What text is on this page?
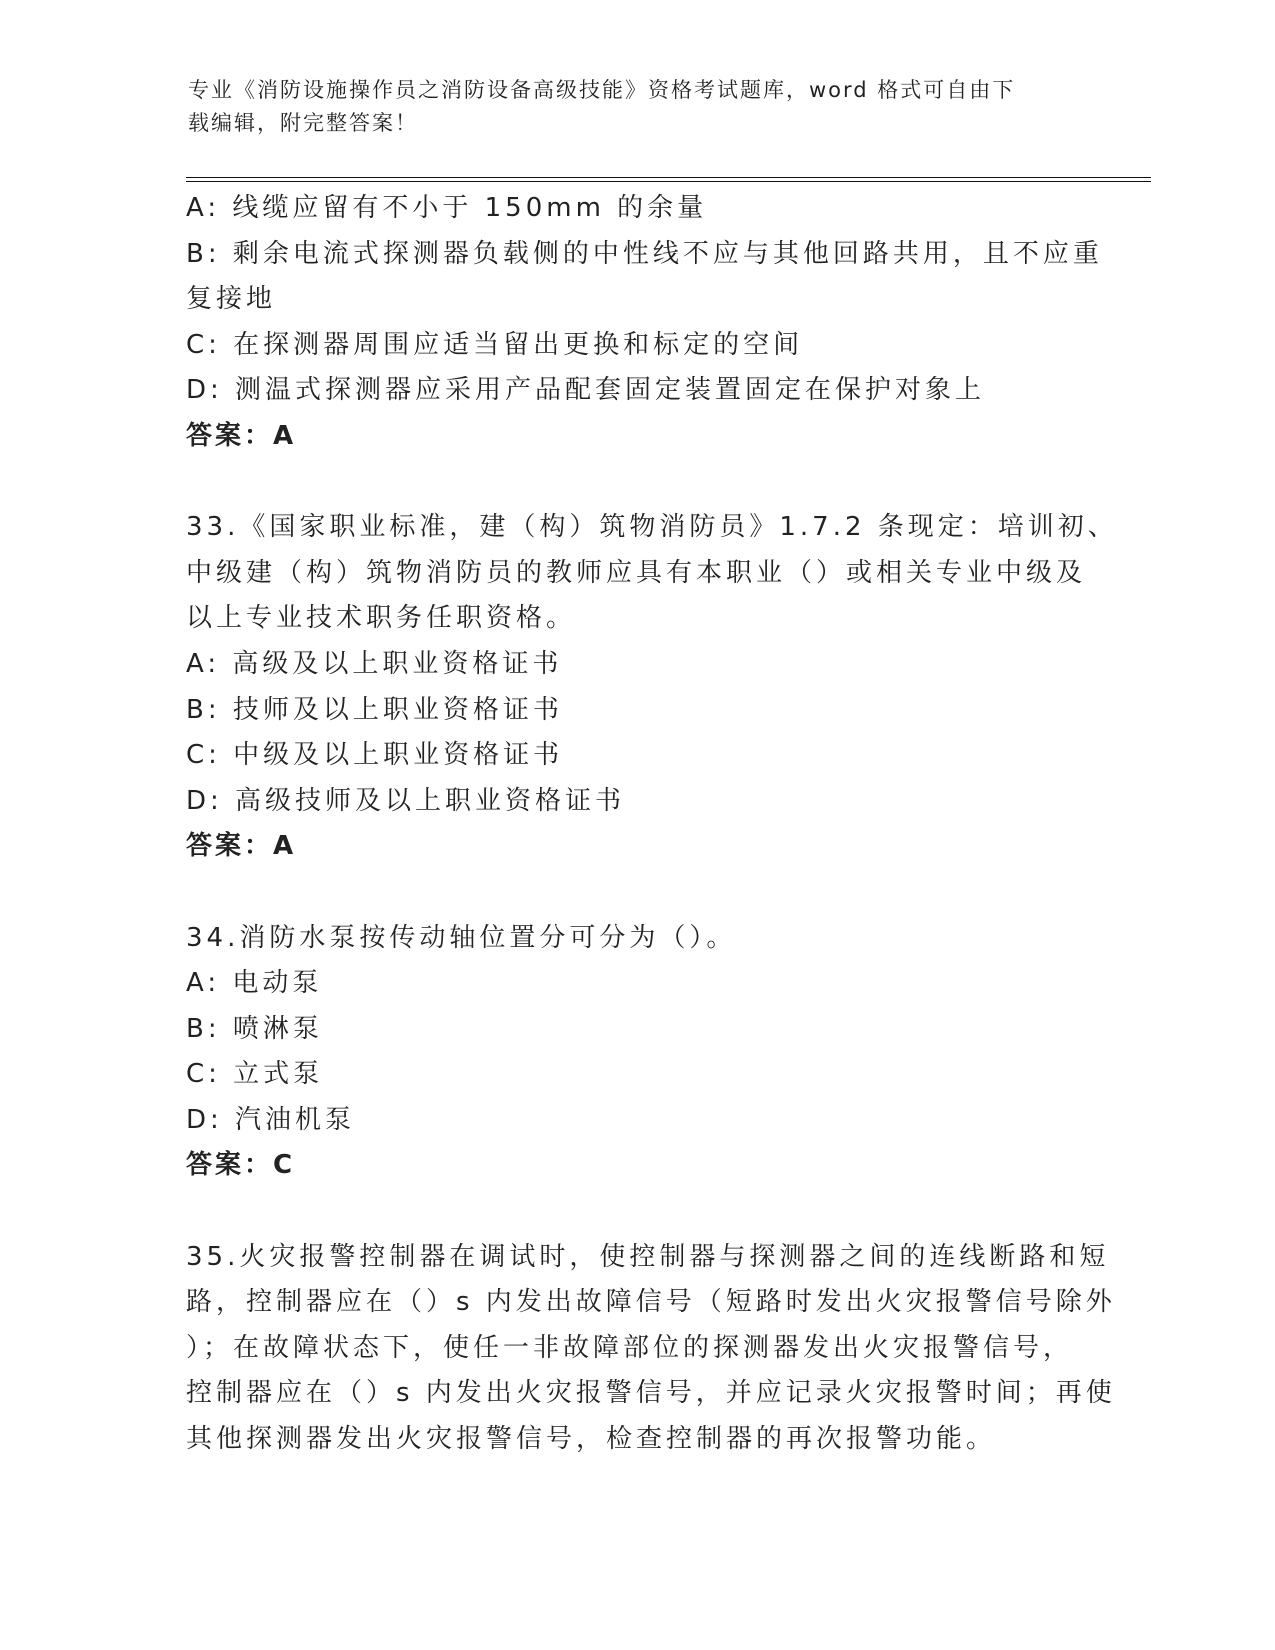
专业《消防设施操作员之消防设备高级技能》资格考试题库，word 格式可自由下
载编辑，附完整答案！
A: 线缆应留有不小于 150mm 的余量
B: 剩余电流式探测器负载侧的中性线不应与其他回路共用，且不应重
复接地
C: 在探测器周围应适当留出更换和标定的空间
D: 测温式探测器应采用产品配套固定装置固定在保护对象上
答案：A
33.《国家职业标准，建（构）筑物消防员》1.7.2 条现定：培训初、
中级建（构）筑物消防员的教师应具有本职业（）或相关专业中级及
以上专业技术职务任职资格。
A: 高级及以上职业资格证书
B: 技师及以上职业资格证书
C: 中级及以上职业资格证书
D: 高级技师及以上职业资格证书
答案：A
34.消防水泵按传动轴位置分可分为（）。
A: 电动泵
B: 喷淋泵
C: 立式泵
D: 汽油机泵
答案：C
35.火灾报警控制器在调试时，使控制器与探测器之间的连线断路和短
路，控制器应在（）s 内发出故障信号（短路时发出火灾报警信号除外
）；在故障状态下，使任一非故障部位的探测器发出火灾报警信号，
控制器应在（）s 内发出火灾报警信号，并应记录火灾报警时间；再使
其他探测器发出火灾报警信号，检查控制器的再次报警功能。
